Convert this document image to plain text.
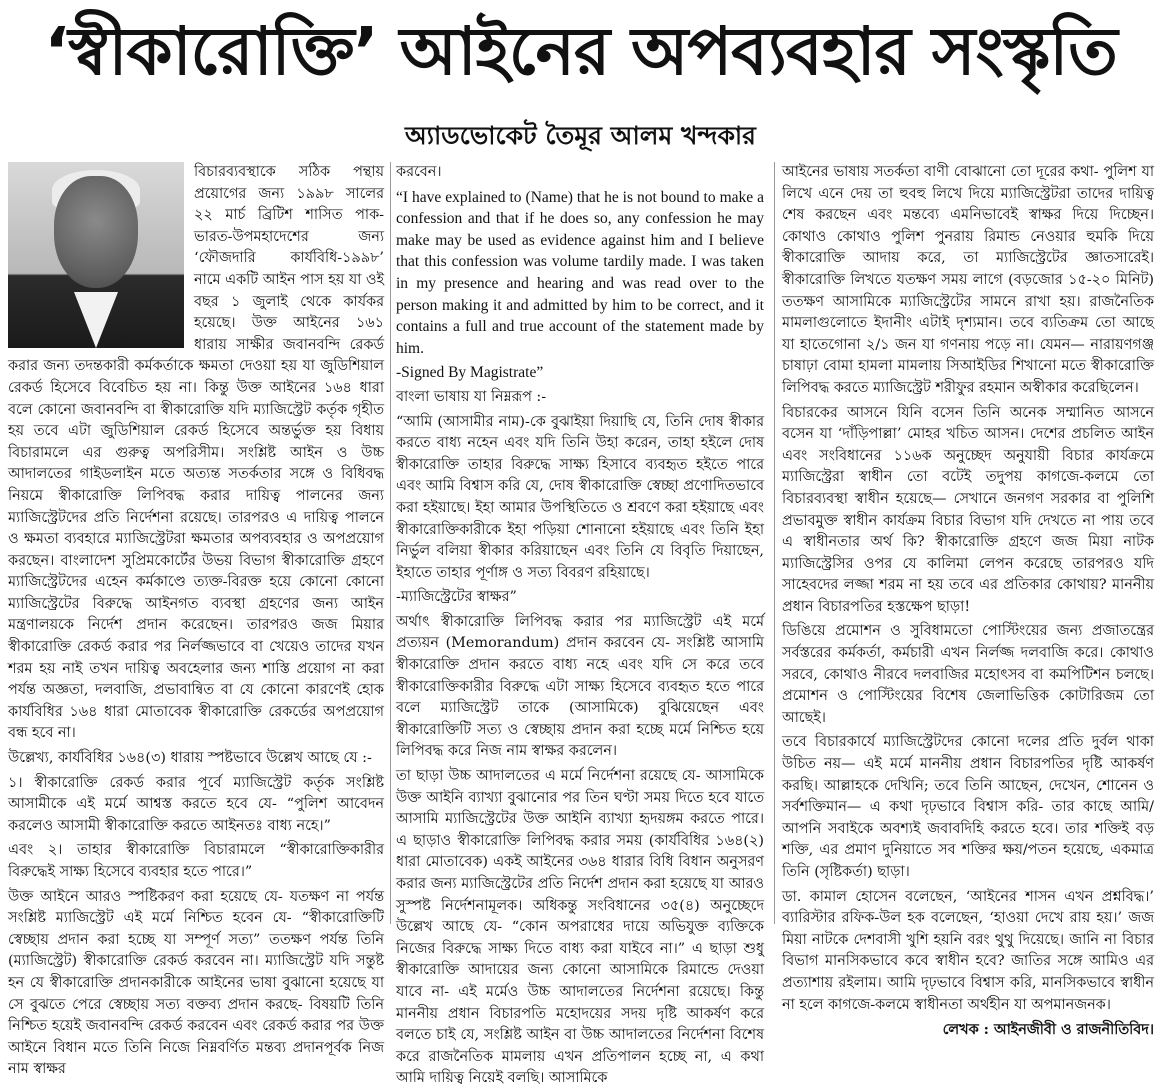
‘স্বীকারোক্তি’ আইনের অপব্যবহার সংস্কৃতি
অ্যাডভোকেট তৈমূর আলম খন্দকার

বিচারব্যবস্থাকে সঠিক পন্থায় প্রয়োগের জন্য ১৯৯৮ সালের ২২ মার্চ ব্রিটিশ শাসিত পাক-ভারত-উপমহাদেশের জন্য ‘ফৌজদারি কার্যবিধি-১৯৯৮’ নামে একটি আইন পাস হয় যা ওই বছর ১ জুলাই থেকে কার্যকর হয়েছে। উক্ত আইনের ১৬১ ধারায় সাক্ষীর জবানবন্দি রেকর্ড করার জন্য তদন্তকারী কর্মকর্তাকে ক্ষমতা দেওয়া হয় যা জুডিশিয়াল রেকর্ড হিসেবে বিবেচিত হয় না। কিন্তু উক্ত আইনের ১৬৪ ধারা বলে কোনো জবানবন্দি বা স্বীকারোক্তি যদি ম্যাজিস্ট্রেট কর্তৃক গৃহীত হয় তবে এটা জুডিশিয়াল রেকর্ড হিসেবে অন্তর্ভুক্ত হয় বিধায় বিচারামলে এর গুরুত্ব অপরিসীম। সংশ্লিষ্ট আইন ও উচ্চ আদালতের গাইডলাইন মতে অত্যন্ত সতর্কতার সঙ্গে ও বিধিবদ্ধ নিয়মে স্বীকারোক্তি লিপিবদ্ধ করার দায়িত্ব পালনের জন্য ম্যাজিস্ট্রেটদের প্রতি নির্দেশনা রয়েছে। তারপরও এ দায়িত্ব পালনে ও ক্ষমতা ব্যবহারে ম্যাজিস্ট্রেটরা ক্ষমতার অপব্যবহার ও অপপ্রয়োগ করছেন। বাংলাদেশ সুপ্রিমকোর্টের উভয় বিভাগ স্বীকারোক্তি গ্রহণে ম্যাজিস্ট্রেটদের এহেন কর্মকাণ্ডে ত্যক্ত-বিরক্ত হয়ে কোনো কোনো ম্যাজিস্ট্রেটের বিরুদ্ধে আইনগত ব্যবস্থা গ্রহণের জন্য আইন মন্ত্রণালয়কে নির্দেশ প্রদান করেছেন। তারপরও জজ মিয়ার স্বীকারোক্তি রেকর্ড করার পর নির্লজ্জভাবে বা খেয়েও তাদের যখন শরম হয় নাই তখন দায়িত্ব অবহেলার জন্য শাস্তি প্রয়োগ না করা পর্যন্ত অজ্ঞতা, দলবাজি, প্রভাবান্বিত বা যে কোনো কারণেই হোক কার্যবিধির ১৬৪ ধারা মোতাবেক স্বীকারোক্তি রেকর্ডের অপপ্রয়োগ বন্ধ হবে না।

উল্লেখ্য, কার্যবিধির ১৬৪(৩) ধারায় স্পষ্টভাবে উল্লেখ আছে যে :-

১। স্বীকারোক্তি রেকর্ড করার পূর্বে ম্যাজিস্ট্রেট কর্তৃক সংশ্লিষ্ট আসামীকে এই মর্মে আশ্বস্ত করতে হবে যে- “পুলিশ আবেদন করলেও আসামী স্বীকারোক্তি করতে আইনতঃ বাধ্য নহে।”

এবং ২। তাহার স্বীকারোক্তি বিচারামলে “স্বীকারোক্তিকারীর বিরুদ্ধেই সাক্ষ্য হিসেবে ব্যবহার হতে পারে।”

উক্ত আইনে আরও স্পষ্টিকরণ করা হয়েছে যে- যতক্ষণ না পর্যন্ত সংশ্লিষ্ট ম্যাজিস্ট্রেট এই মর্মে নিশ্চিত হবেন যে- “স্বীকারোক্তিটি স্বেচ্ছায় প্রদান করা হচ্ছে যা সম্পূর্ণ সত্য” ততক্ষণ পর্যন্ত তিনি (ম্যাজিস্ট্রেট) স্বীকারোক্তি রেকর্ড করবেন না। ম্যাজিস্ট্রেট যদি সন্তুষ্ট হন যে স্বীকারোক্তি প্রদানকারীকে আইনের ভাষা বুঝানো হয়েছে যা সে বুঝতে পেরে স্বেচ্ছায় সত্য বক্তব্য প্রদান করছে- বিষয়টি তিনি নিশ্চিত হয়েই জবানবন্দি রেকর্ড করবেন এবং রেকর্ড করার পর উক্ত আইনে বিধান মতে তিনি নিজে নিম্নবর্ণিত মন্তব্য প্রদানপূর্বক নিজ নাম স্বাক্ষর

করবেন।

“I have explained to (Name) that he is not bound to make a confession and that if he does so, any confession he may make may be used as evidence against him and I believe that this confession was volume tardily made. I was taken in my presence and hearing and was read over to the person making it and admitted by him to be correct, and it contains a full and true account of the statement made by him.

-Signed By Magistrate”

বাংলা ভাষায় যা নিম্নরূপ :-

“আমি (আসামীর নাম)-কে বুঝাইয়া দিয়াছি যে, তিনি দোষ স্বীকার করতে বাধ্য নহেন এবং যদি তিনি উহা করেন, তাহা হইলে দোষ স্বীকারোক্তি তাহার বিরুদ্ধে সাক্ষ্য হিসাবে ব্যবহৃত হইতে পারে এবং আমি বিশ্বাস করি যে, দোষ স্বীকারোক্তি স্বেচ্ছা প্রণোদিতভাবে করা হইয়াছে। ইহা আমার উপস্থিতিতে ও শ্রবণে করা হইয়াছে এবং স্বীকারোক্তিকারীকে ইহা পড়িয়া শোনানো হইয়াছে এবং তিনি ইহা নির্ভুল বলিয়া স্বীকার করিয়াছেন এবং তিনি যে বিবৃতি দিয়াছেন, ইহাতে তাহার পূর্ণাঙ্গ ও সত্য বিবরণ রহিয়াছে।

-ম্যাজিস্ট্রেটের স্বাক্ষর”

অর্থাৎ স্বীকারোক্তি লিপিবদ্ধ করার পর ম্যাজিস্ট্রেট এই মর্মে প্রত্যয়ন (Memorandum) প্রদান করবেন যে- সংশ্লিষ্ট আসামি স্বীকারোক্তি প্রদান করতে বাধ্য নহে এবং যদি সে করে তবে স্বীকারোক্তিকারীর বিরুদ্ধে এটা সাক্ষ্য হিসেবে ব্যবহৃত হতে পারে বলে ম্যাজিস্ট্রেট তাকে (আসামিকে) বুঝিয়েছেন এবং স্বীকারোক্তিটি সত্য ও স্বেচ্ছায় প্রদান করা হচ্ছে মর্মে নিশ্চিত হয়ে লিপিবদ্ধ করে নিজ নাম স্বাক্ষর করলেন।

তা ছাড়া উচ্চ আদালতের এ মর্মে নির্দেশনা রয়েছে যে- আসামিকে উক্ত আইনি ব্যাখ্যা বুঝানোর পর তিন ঘণ্টা সময় দিতে হবে যাতে আসামি ম্যাজিস্ট্রেটের উক্ত আইনি ব্যাখ্যা হৃদয়ঙ্গম করতে পারে। এ ছাড়াও স্বীকারোক্তি লিপিবদ্ধ করার সময় (কার্যবিধির ১৬৪(২) ধারা মোতাবেক) একই আইনের ৩৬৪ ধারার বিধি বিধান অনুসরণ করার জন্য ম্যাজিস্ট্রেটের প্রতি নির্দেশ প্রদান করা হয়েছে যা আরও সুস্পষ্ট নির্দেশনামূলক। অধিকন্তু সংবিধানের ৩৫(৪) অনুচ্ছেদে উল্লেখ আছে যে- “কোন অপরাধের দায়ে অভিযুক্ত ব্যক্তিকে নিজের বিরুদ্ধে সাক্ষ্য দিতে বাধ্য করা যাইবে না।” এ ছাড়া শুধু স্বীকারোক্তি আদায়ের জন্য কোনো আসামিকে রিমান্ডে দেওয়া যাবে না- এই মর্মেও উচ্চ আদালতের নির্দেশনা রয়েছে। কিন্তু মাননীয় প্রধান বিচারপতি মহোদয়ের সদয় দৃষ্টি আকর্ষণ করে বলতে চাই যে, সংশ্লিষ্ট আইন বা উচ্চ আদালতের নির্দেশনা বিশেষ করে রাজনৈতিক মামলায় এখন প্রতিপালন হচ্ছে না, এ কথা আমি দায়িত্ব নিয়েই বলছি। আসামিকে

আইনের ভাষায় সতর্কতা বাণী বোঝানো তো দূরের কথা- পুলিশ যা লিখে এনে দেয় তা হুবহু লিখে দিয়ে ম্যাজিস্ট্রেটরা তাদের দায়িত্ব শেষ করছেন এবং মন্তব্যে এমনিভাবেই স্বাক্ষর দিয়ে দিচ্ছেন। কোথাও কোথাও পুলিশ পুনরায় রিমান্ড নেওয়ার হুমকি দিয়ে স্বীকারোক্তি আদায় করে, তা ম্যাজিস্ট্রেটের জ্ঞাতসারেই। স্বীকারোক্তি লিখতে যতক্ষণ সময় লাগে (বড়জোর ১৫-২০ মিনিট) ততক্ষণ আসামিকে ম্যাজিস্ট্রেটের সামনে রাখা হয়। রাজনৈতিক মামলাগুলোতে ইদানীং এটাই দৃশ্যমান। তবে ব্যতিক্রম তো আছে যা হাতেগোনা ২/১ জন যা গণনায় পড়ে না। যেমন— নারায়ণগঞ্জ চাষাঢ়া বোমা হামলা মামলায় সিআইডির শিখানো মতে স্বীকারোক্তি লিপিবদ্ধ করতে ম্যাজিস্ট্রেট শরীফুর রহমান অস্বীকার করেছিলেন।

বিচারকের আসনে যিনি বসেন তিনি অনেক সম্মানিত আসনে বসেন যা ‘দাঁড়িপাল্লা’ মোহর খচিত আসন। দেশের প্রচলিত আইন এবং সংবিধানের ১১৬ক অনুচ্ছেদ অনুযায়ী বিচার কার্যক্রমে ম্যাজিস্ট্রেরা স্বাধীন তো বটেই তদুপয় কাগজে-কলমে তো বিচারব্যবস্থা স্বাধীন হয়েছে— সেখানে জনগণ সরকার বা পুলিশি প্রভাবমুক্ত স্বাধীন কার্যক্রম বিচার বিভাগ যদি দেখতে না পায় তবে এ স্বাধীনতার অর্থ কি? স্বীকারোক্তি গ্রহণে জজ মিয়া নাটক ম্যাজিস্ট্রেসির ওপর যে কালিমা লেপন করেছে তারপরও যদি সাহেবদের লজ্জা শরম না হয় তবে এর প্রতিকার কোথায়? মাননীয় প্রধান বিচারপতির হস্তক্ষেপ ছাড়া!

ডিঙিয়ে প্রমোশন ও সুবিধামতো পোস্টিংয়ের জন্য প্রজাতন্ত্রের সর্বস্তরের কর্মকর্তা, কর্মচারী এখন নির্লজ্জ দলবাজি করে। কোথাও সরবে, কোথাও নীরবে দলবাজির মহোৎসব বা কমপিটিশন চলছে। প্রমোশন ও পোস্টিংয়ের বিশেষ জেলাভিত্তিক কোটারিজম তো আছেই।

তবে বিচারকার্যে ম্যাজিস্ট্রেটদের কোনো দলের প্রতি দুর্বল থাকা উচিত নয়— এই মর্মে মাননীয় প্রধান বিচারপতির দৃষ্টি আকর্ষণ করছি। আল্লাহকে দেখিনি; তবে তিনি আছেন, দেখেন, শোনেন ও সর্বশক্তিমান— এ কথা দৃঢ়ভাবে বিশ্বাস করি- তার কাছে আমি/আপনি সবাইকে অবশ্যই জবাবদিহি করতে হবে। তার শক্তিই বড় শক্তি, এর প্রমাণ দুনিয়াতে সব শক্তির ক্ষয়/পতন হয়েছে, একমাত্র তিনি (সৃষ্টিকর্তা) ছাড়া।

ডা. কামাল হোসেন বলেছেন, ‘আইনের শাসন এখন প্রশ্নবিদ্ধ।’ ব্যারিস্টার রফিক-উল হক বলেছেন, ‘হাওয়া দেখে রায় হয়।’ জজ মিয়া নাটকে দেশবাসী খুশি হয়নি বরং থুথু দিয়েছে। জানি না বিচার বিভাগ মানসিকভাবে কবে স্বাধীন হবে? জাতির সঙ্গে আমিও এর প্রত্যাশায় রইলাম। আমি দৃঢ়ভাবে বিশ্বাস করি, মানসিকভাবে স্বাধীন না হলে কাগজে-কলমে স্বাধীনতা অর্থহীন যা অপমানজনক।

লেখক : আইনজীবী ও রাজনীতিবিদ।
